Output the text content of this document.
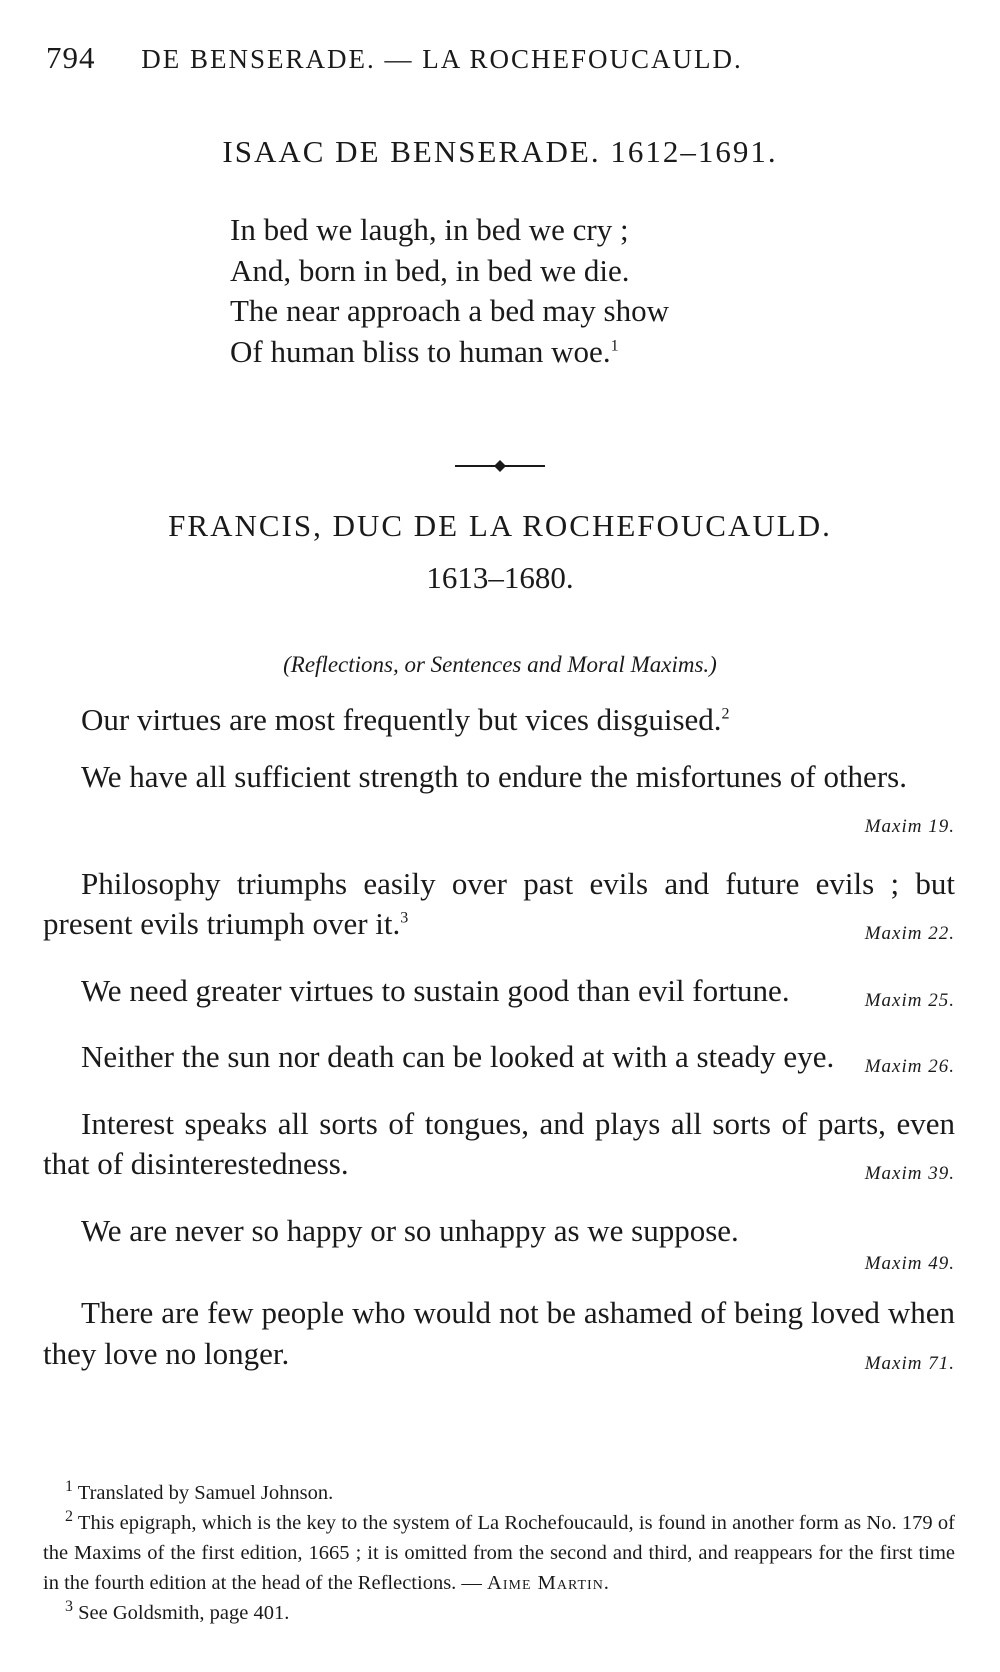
794 DE BENSERADE. — LA ROCHEFOUCAULD.
ISAAC DE BENSERADE. 1612–1691.
In bed we laugh, in bed we cry ;
And, born in bed, in bed we die.
The near approach a bed may show
Of human bliss to human woe.$^1$
FRANCIS, DUC DE LA ROCHEFOUCAULD.
1613–1680.
(Reflections, or Sentences and Moral Maxims.)
Our virtues are most frequently but vices disguised.$^2$
We have all sufficient strength to endure the misfortunes of others.
Maxim 19.
Philosophy triumphs easily over past evils and future evils ; but present evils triumph over it.$^3$
Maxim 22.
We need greater virtues to sustain good than evil fortune.	Maxim 25.
Neither the sun nor death can be looked at with a steady eye. Maxim 26.
Interest speaks all sorts of tongues, and plays all sorts of parts, even that of disinterestedness.	Maxim 39.
We are never so happy or so unhappy as we suppose.
Maxim 49.
There are few people who would not be ashamed of being loved when they love no longer.	Maxim 71.
$^1$ Translated by Samuel Johnson.
$^2$ This epigraph, which is the key to the system of La Rochefoucauld, is found in another form as No. 179 of the Maxims of the first edition, 1665 ; it is omitted from the second and third, and reappears for the first time in the fourth edition at the head of the Reflections. — Aime Martin.
$^3$ See Goldsmith, page 401.
